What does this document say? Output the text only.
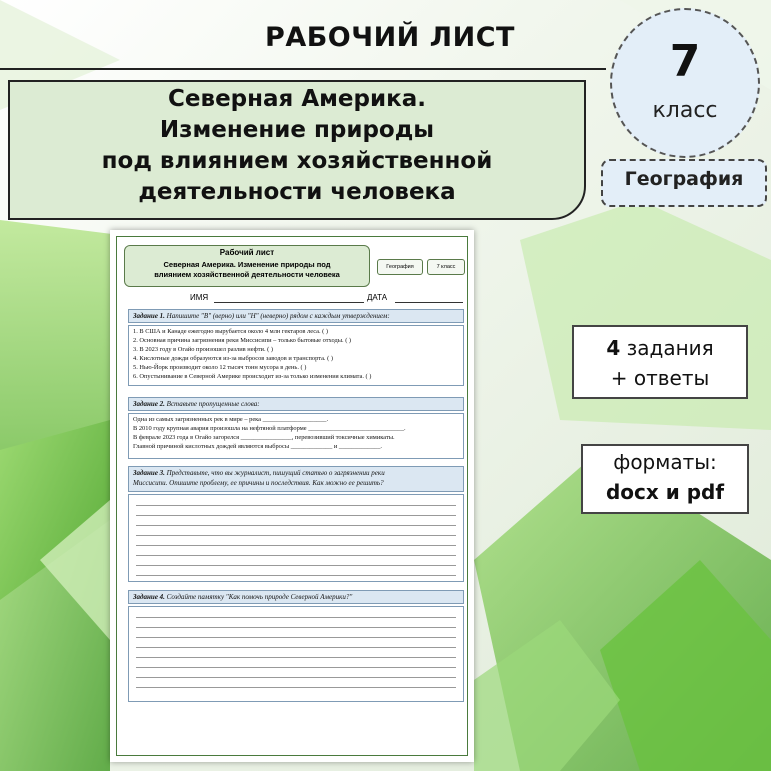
РАБОЧИЙ ЛИСТ
Северная Америка.
Изменение природы
под влиянием хозяйственной
деятельности человека
7
класс
География
4 задания
+ ответы
форматы:
docx и pdf
Рабочий лист
Северная Америка. Изменение природы под
влиянием хозяйственной деятельности человека
География	7 класс
ИМЯ	ДАТА
Задание 1. Напишите "В" (верно) или "Н" (неверно) рядом с каждым утверждением:
1. В США и Канаде ежегодно вырубается около 4 млн гектаров леса. ( )
2. Основная причина загрязнения реки Миссисипи – только бытовые отходы. ( )
3. В 2023 году в Огайо произошел разлив нефти. ( )
4. Кислотные дожди образуются из-за выбросов заводов и транспорта. ( )
5. Нью-Йорк производит около 12 тысяч тонн мусора в день. ( )
6. Опустынивание в Северной Америке происходит из-за только изменения климата. ( )
Задание 2. Вставьте пропущенные слова:
Одна из самых загрязненных рек в мире – река ____________________.
В 2010 году крупная авария произошла на нефтяной платформе ______________________________.
В феврале 2023 года в Огайо загорелся ________________, перевозивший токсичные химикаты.
Главной причиной кислотных дождей являются выбросы _____________ и _____________.
Задание 3. Представьте, что вы журналист, пишущий статью о загрязнении реки
Миссисипи. Опишите проблему, ее причины и последствия. Как можно ее решить?
Задание 4. Создайте памятку "Как помочь природе Северной Америки?"
